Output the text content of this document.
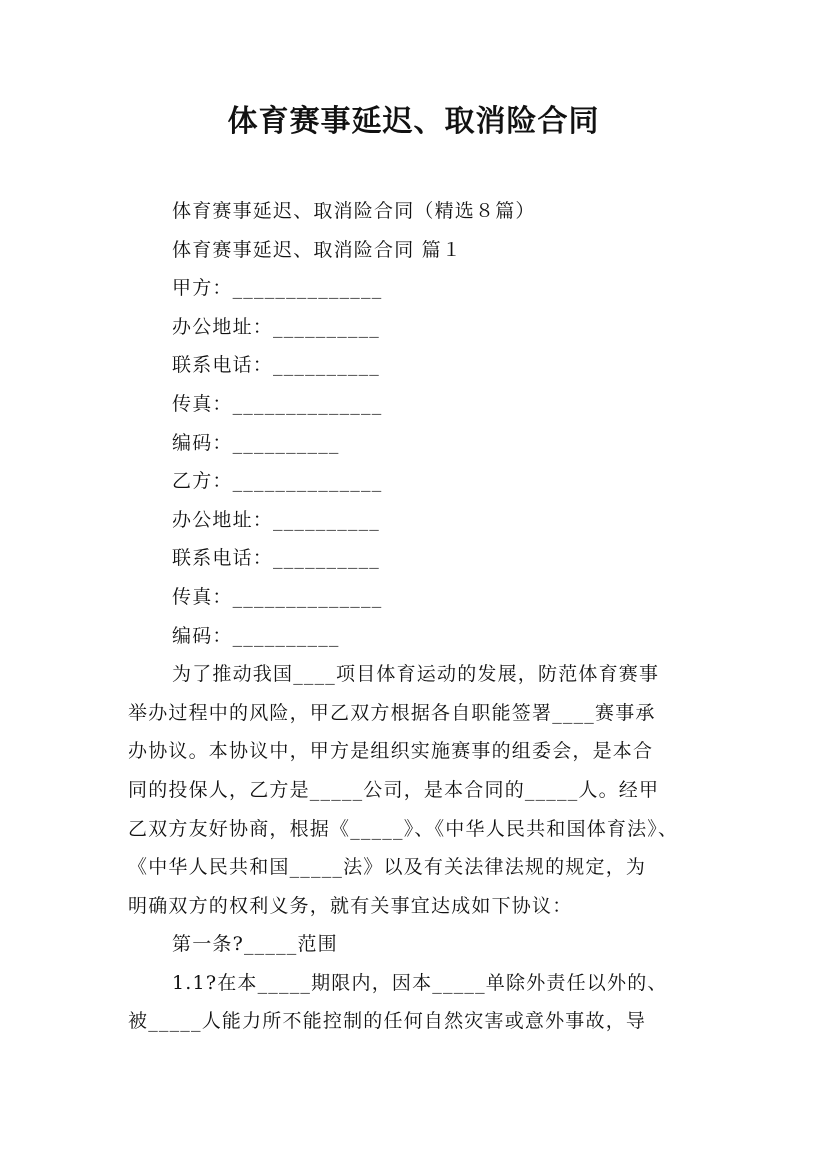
体育赛事延迟、取消险合同
体育赛事延迟、取消险合同（精选８篇）
体育赛事延迟、取消险合同 篇１
甲方：______________
办公地址：__________
联系电话：__________
传真：______________
编码：__________
乙方：______________
办公地址：__________
联系电话：__________
传真：______________
编码：__________
为了推动我国____项目体育运动的发展，防范体育赛事
举办过程中的风险，甲乙双方根据各自职能签署____赛事承
办协议。本协议中，甲方是组织实施赛事的组委会，是本合
同的投保人，乙方是_____公司，是本合同的_____人。经甲
乙双方友好协商，根据《_____》、《中华人民共和国体育法》、
《中华人民共和国_____法》以及有关法律法规的规定，为
明确双方的权利义务，就有关事宜达成如下协议：
第一条?_____范围
1.1?在本_____期限内，因本_____单除外责任以外的、
被_____人能力所不能控制的任何自然灾害或意外事故，导
